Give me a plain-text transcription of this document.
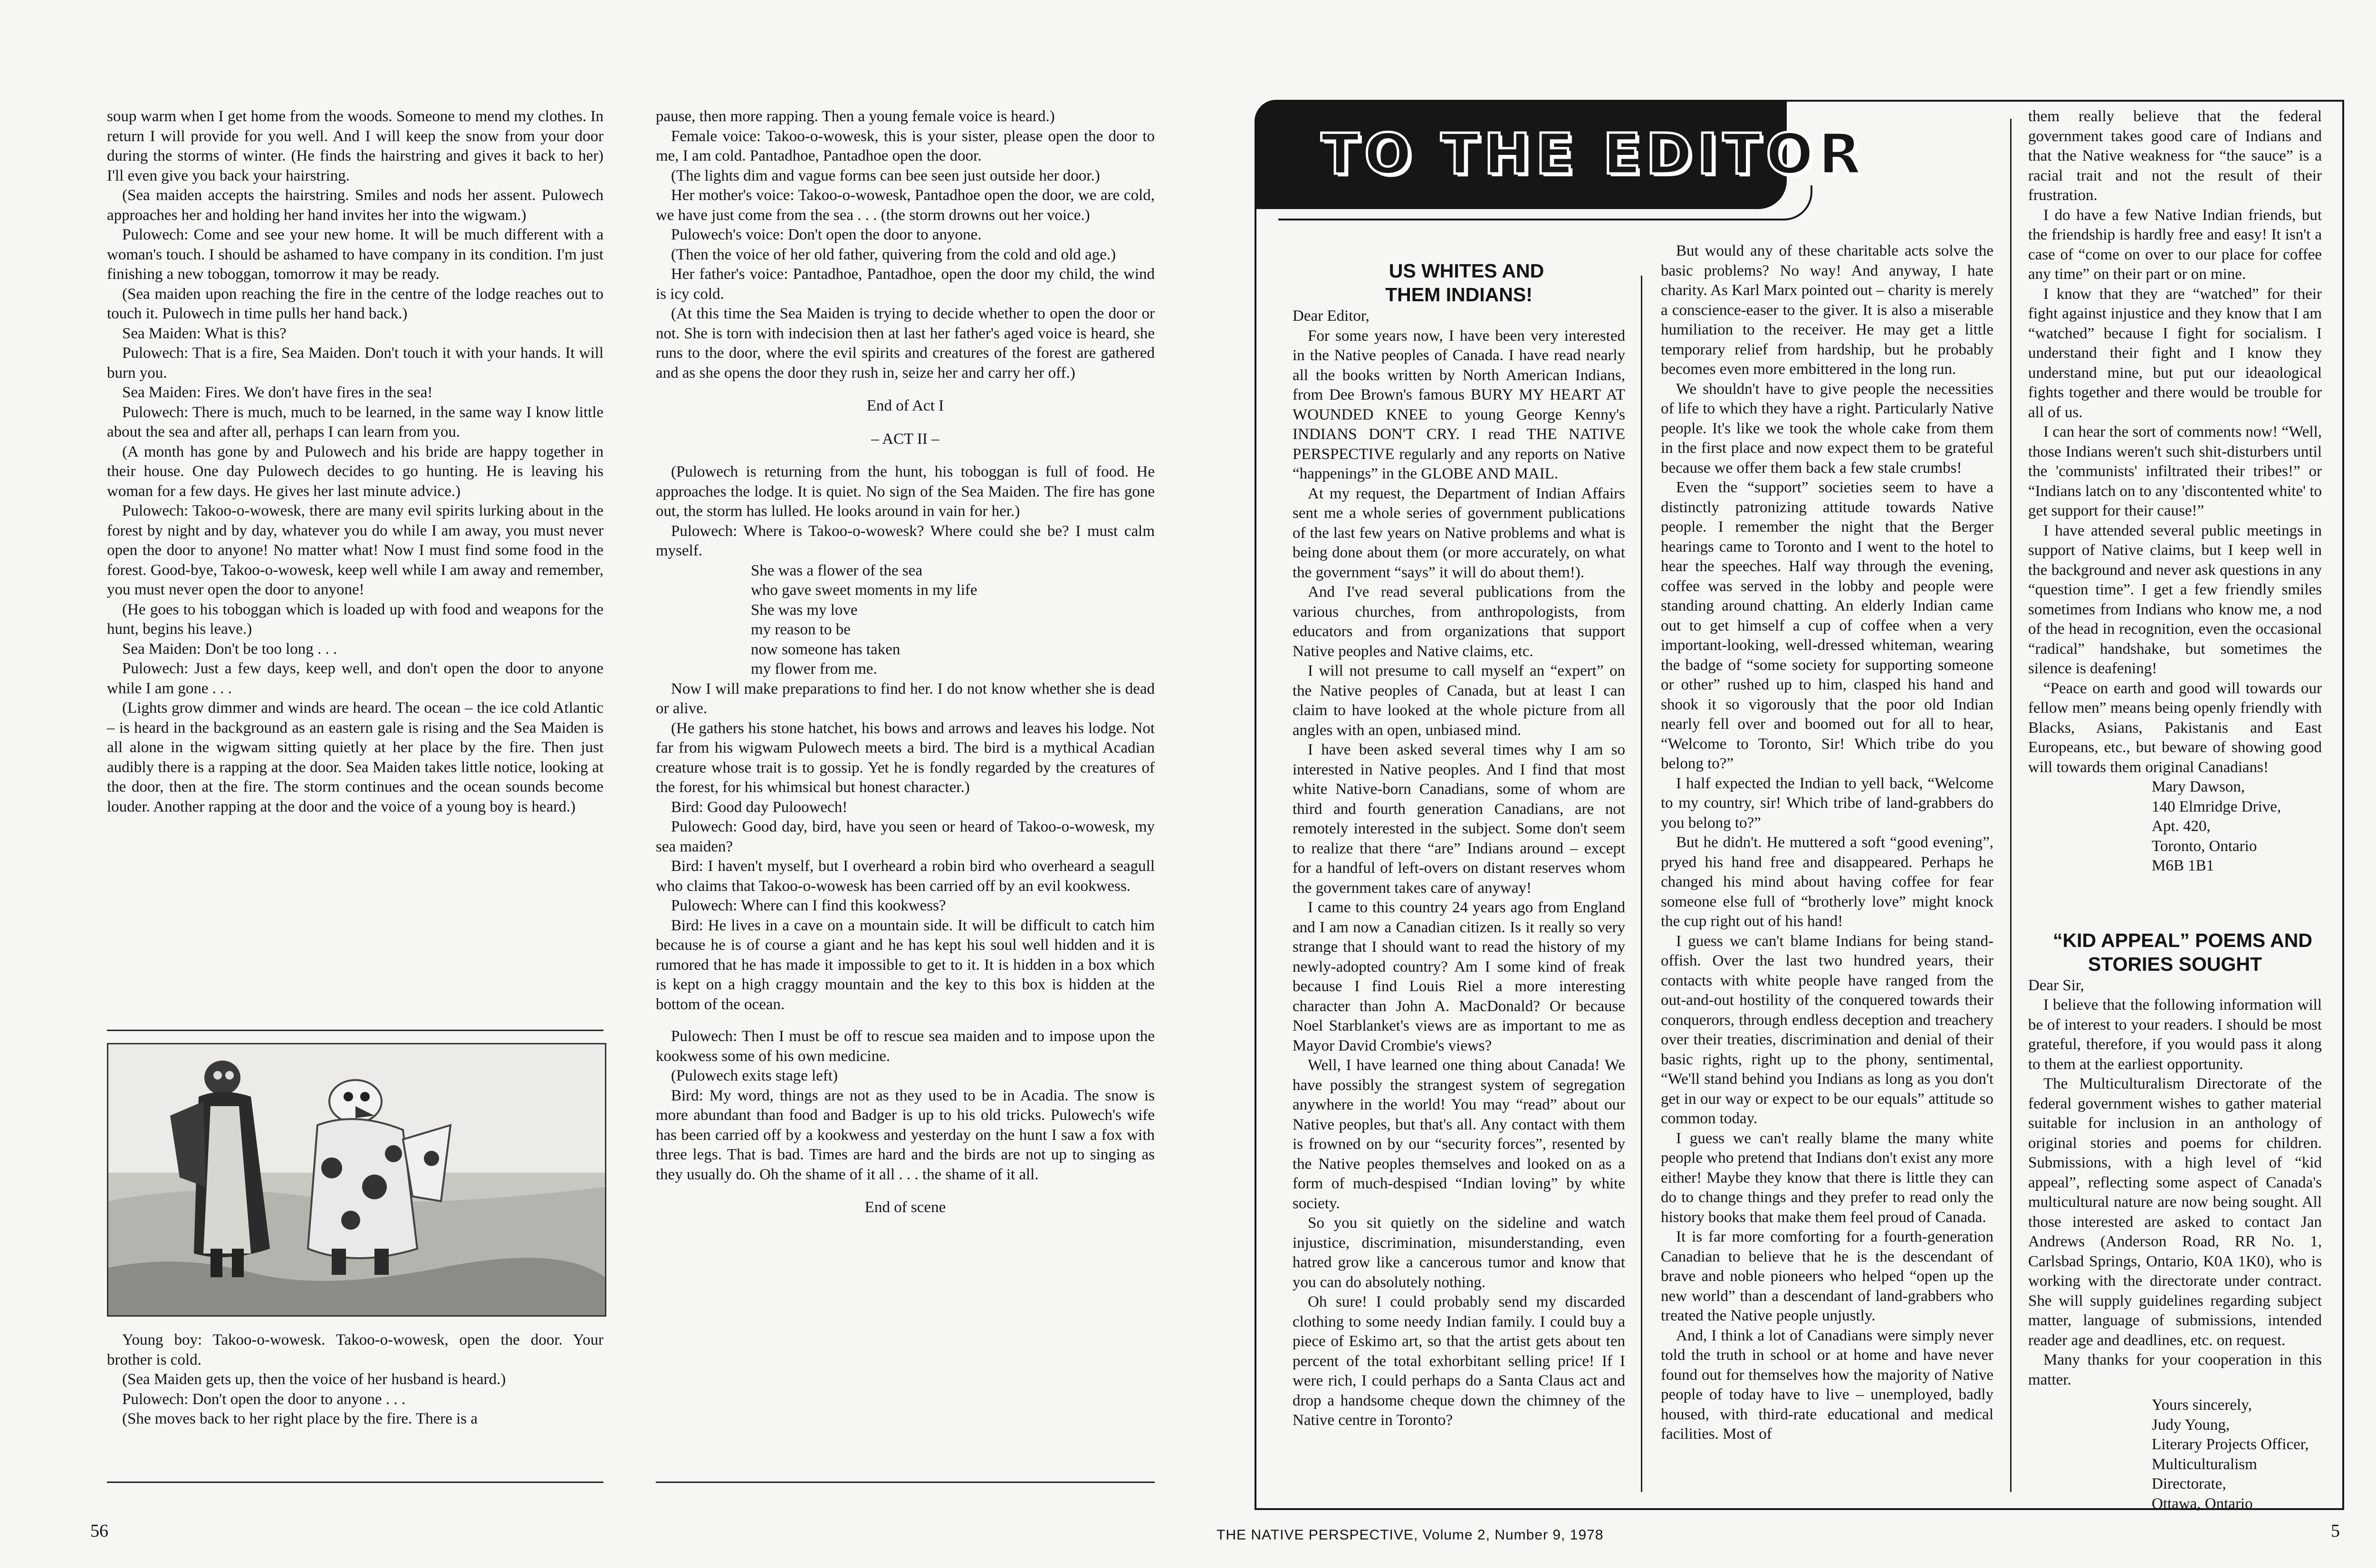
soup warm when I get home from the woods. Someone to mend my clothes. In return I will provide for you well. And I will keep the snow from your door during the storms of winter. (He finds the hairstring and gives it back to her) I'll even give you back your hairstring.

(Sea maiden accepts the hairstring. Smiles and nods her assent. Pulowech approaches her and holding her hand invites her into the wigwam.)

Pulowech: Come and see your new home. It will be much different with a woman's touch. I should be ashamed to have company in its condition. I'm just finishing a new toboggan, tomorrow it may be ready.

(Sea maiden upon reaching the fire in the centre of the lodge reaches out to touch it. Pulowech in time pulls her hand back.)

Sea Maiden: What is this?

Pulowech: That is a fire, Sea Maiden. Don't touch it with your hands. It will burn you.

Sea Maiden: Fires. We don't have fires in the sea!

Pulowech: There is much, much to be learned, in the same way I know little about the sea and after all, perhaps I can learn from you.

(A month has gone by and Pulowech and his bride are happy together in their house. One day Pulowech decides to go hunting. He is leaving his woman for a few days. He gives her last minute advice.)

Pulowech: Takoo-o-wowesk, there are many evil spirits lurking about in the forest by night and by day, whatever you do while I am away, you must never open the door to anyone! No matter what! Now I must find some food in the forest. Good-bye, Takoo-o-wowesk, keep well while I am away and remember, you must never open the door to anyone!

(He goes to his toboggan which is loaded up with food and weapons for the hunt, begins his leave.)

Sea Maiden: Don't be too long . . .

Pulowech: Just a few days, keep well, and don't open the door to anyone while I am gone . . .

(Lights grow dimmer and winds are heard. The ocean – the ice cold Atlantic – is heard in the background as an eastern gale is rising and the Sea Maiden is all alone in the wigwam sitting quietly at her place by the fire. Then just audibly there is a rapping at the door. Sea Maiden takes little notice, looking at the door, then at the fire. The storm continues and the ocean sounds become louder. Another rapping at the door and the voice of a young boy is heard.)

Young boy: Takoo-o-wowesk. Takoo-o-wowesk, open the door. Your brother is cold.

(Sea Maiden gets up, then the voice of her husband is heard.)

Pulowech: Don't open the door to anyone . . .

(She moves back to her right place by the fire. There is a

pause, then more rapping. Then a young female voice is heard.)

Female voice: Takoo-o-wowesk, this is your sister, please open the door to me, I am cold. Pantadhoe, Pantadhoe open the door.

(The lights dim and vague forms can bee seen just outside her door.)

Her mother's voice: Takoo-o-wowesk, Pantadhoe open the door, we are cold, we have just come from the sea . . . (the storm drowns out her voice.)

Pulowech's voice: Don't open the door to anyone.

(Then the voice of her old father, quivering from the cold and old age.)

Her father's voice: Pantadhoe, Pantadhoe, open the door my child, the wind is icy cold.

(At this time the Sea Maiden is trying to decide whether to open the door or not. She is torn with indecision then at last her father's aged voice is heard, she runs to the door, where the evil spirits and creatures of the forest are gathered and as she opens the door they rush in, seize her and carry her off.)

End of Act I

– ACT II –

(Pulowech is returning from the hunt, his toboggan is full of food. He approaches the lodge. It is quiet. No sign of the Sea Maiden. The fire has gone out, the storm has lulled. He looks around in vain for her.)

Pulowech: Where is Takoo-o-wowesk? Where could she be? I must calm myself.

She was a flower of the sea

who gave sweet moments in my life

She was my love

my reason to be

now someone has taken

my flower from me.

Now I will make preparations to find her. I do not know whether she is dead or alive.

(He gathers his stone hatchet, his bows and arrows and leaves his lodge. Not far from his wigwam Pulowech meets a bird. The bird is a mythical Acadian creature whose trait is to gossip. Yet he is fondly regarded by the creatures of the forest, for his whimsical but honest character.)

Bird: Good day Puloowech!

Pulowech: Good day, bird, have you seen or heard of Takoo-o-wowesk, my sea maiden?

Bird: I haven't myself, but I overheard a robin bird who overheard a seagull who claims that Takoo-o-wowesk has been carried off by an evil kookwess.

Pulowech: Where can I find this kookwess?

Bird: He lives in a cave on a mountain side. It will be difficult to catch him because he is of course a giant and he has kept his soul well hidden and it is rumored that he has made it impossible to get to it. It is hidden in a box which is kept on a high craggy mountain and the key to this box is hidden at the bottom of the ocean.

Pulowech: Then I must be off to rescue sea maiden and to impose upon the kookwess some of his own medicine.

(Pulowech exits stage left)

Bird: My word, things are not as they used to be in Acadia. The snow is more abundant than food and Badger is up to his old tricks. Pulowech's wife has been carried off by a kookwess and yesterday on the hunt I saw a fox with three legs. That is bad. Times are hard and the birds are not up to singing as they usually do. Oh the shame of it all . . . the shame of it all.

End of scene

56
TO THE EDITOR

US WHITES AND
THEM INDIANS!

Dear Editor,

For some years now, I have been very interested in the Native peoples of Canada. I have read nearly all the books written by North American Indians, from Dee Brown's famous BURY MY HEART AT WOUNDED KNEE to young George Kenny's INDIANS DON'T CRY. I read THE NATIVE PERSPECTIVE regularly and any reports on Native “happenings” in the GLOBE AND MAIL.

At my request, the Department of Indian Affairs sent me a whole series of government publications of the last few years on Native problems and what is being done about them (or more accurately, on what the government “says” it will do about them!).

And I've read several publications from the various churches, from anthropologists, from educators and from organizations that support Native peoples and Native claims, etc.

I will not presume to call myself an “expert” on the Native peoples of Canada, but at least I can claim to have looked at the whole picture from all angles with an open, unbiased mind.

I have been asked several times why I am so interested in Native peoples. And I find that most white Native-born Canadians, some of whom are third and fourth generation Canadians, are not remotely interested in the subject. Some don't seem to realize that there “are” Indians around – except for a handful of left-overs on distant reserves whom the government takes care of anyway!

I came to this country 24 years ago from England and I am now a Canadian citizen. Is it really so very strange that I should want to read the history of my newly-adopted country? Am I some kind of freak because I find Louis Riel a more interesting character than John A. MacDonald? Or because Noel Starblanket's views are as important to me as Mayor David Crombie's views?

Well, I have learned one thing about Canada! We have possibly the strangest system of segregation anywhere in the world! You may “read” about our Native peoples, but that's all. Any contact with them is frowned on by our “security forces”, resented by the Native peoples themselves and looked on as a form of much-despised “Indian loving” by white society.

So you sit quietly on the sideline and watch injustice, discrimination, misunderstanding, even hatred grow like a cancerous tumor and know that you can do absolutely nothing.

Oh sure! I could probably send my discarded clothing to some needy Indian family. I could buy a piece of Eskimo art, so that the artist gets about ten percent of the total exhorbitant selling price! If I were rich, I could perhaps do a Santa Claus act and drop a handsome cheque down the chimney of the Native centre in Toronto?

But would any of these charitable acts solve the basic problems? No way! And anyway, I hate charity. As Karl Marx pointed out – charity is merely a conscience-easer to the giver. It is also a miserable humiliation to the receiver. He may get a little temporary relief from hardship, but he probably becomes even more embittered in the long run.

We shouldn't have to give people the necessities of life to which they have a right. Particularly Native people. It's like we took the whole cake from them in the first place and now expect them to be grateful because we offer them back a few stale crumbs!

Even the “support” societies seem to have a distinctly patronizing attitude towards Native people. I remember the night that the Berger hearings came to Toronto and I went to the hotel to hear the speeches. Half way through the evening, coffee was served in the lobby and people were standing around chatting. An elderly Indian came out to get himself a cup of coffee when a very important-looking, well-dressed whiteman, wearing the badge of “some society for supporting someone or other” rushed up to him, clasped his hand and shook it so vigorously that the poor old Indian nearly fell over and boomed out for all to hear, “Welcome to Toronto, Sir! Which tribe do you belong to?”

I half expected the Indian to yell back, “Welcome to my country, sir! Which tribe of land-grabbers do you belong to?”

But he didn't. He muttered a soft “good evening”, pryed his hand free and disappeared. Perhaps he changed his mind about having coffee for fear someone else full of “brotherly love” might knock the cup right out of his hand!

I guess we can't blame Indians for being stand-offish. Over the last two hundred years, their contacts with white people have ranged from the out-and-out hostility of the conquered towards their conquerors, through endless deception and treachery over their treaties, discrimination and denial of their basic rights, right up to the phony, sentimental, “We'll stand behind you Indians as long as you don't get in our way or expect to be our equals” attitude so common today.

I guess we can't really blame the many white people who pretend that Indians don't exist any more either! Maybe they know that there is little they can do to change things and they prefer to read only the history books that make them feel proud of Canada.

It is far more comforting for a fourth-generation Canadian to believe that he is the descendant of brave and noble pioneers who helped “open up the new world” than a descendant of land-grabbers who treated the Native people unjustly.

And, I think a lot of Canadians were simply never told the truth in school or at home and have never found out for themselves how the majority of Native people of today have to live – unemployed, badly housed, with third-rate educational and medical facilities. Most of

them really believe that the federal government takes good care of Indians and that the Native weakness for “the sauce” is a racial trait and not the result of their frustration.

I do have a few Native Indian friends, but the friendship is hardly free and easy! It isn't a case of “come on over to our place for coffee any time” on their part or on mine.

I know that they are “watched” for their fight against injustice and they know that I am “watched” because I fight for socialism. I understand their fight and I know they understand mine, but put our ideaological fights together and there would be trouble for all of us.

I can hear the sort of comments now! “Well, those Indians weren't such shit-disturbers until the 'communists' infiltrated their tribes!” or “Indians latch on to any 'discontented white' to get support for their cause!”

I have attended several public meetings in support of Native claims, but I keep well in the background and never ask questions in any “question time”. I get a few friendly smiles sometimes from Indians who know me, a nod of the head in recognition, even the occasional “radical” handshake, but sometimes the silence is deafening!

“Peace on earth and good will towards our fellow men” means being openly friendly with Blacks, Asians, Pakistanis and East Europeans, etc., but beware of showing good will towards them original Canadians!

Mary Dawson,

140 Elmridge Drive,

Apt. 420,

Toronto, Ontario

M6B 1B1

“KID APPEAL” POEMS AND
STORIES SOUGHT

Dear Sir,

I believe that the following information will be of interest to your readers. I should be most grateful, therefore, if you would pass it along to them at the earliest opportunity.

The Multiculturalism Directorate of the federal government wishes to gather material suitable for inclusion in an anthology of original stories and poems for children. Submissions, with a high level of “kid appeal”, reflecting some aspect of Canada's multicultural nature are now being sought. All those interested are asked to contact Jan Andrews (Anderson Road, RR No. 1, Carlsbad Springs, Ontario, K0A 1K0), who is working with the directorate under contract. She will supply guidelines regarding subject matter, language of submissions, intended reader age and deadlines, etc. on request.

Many thanks for your cooperation in this matter.

Yours sincerely,

Judy Young,

Literary Projects Officer,

Multiculturalism Directorate,

Ottawa, Ontario

THE NATIVE PERSPECTIVE, Volume 2, Number 9, 1978	5
